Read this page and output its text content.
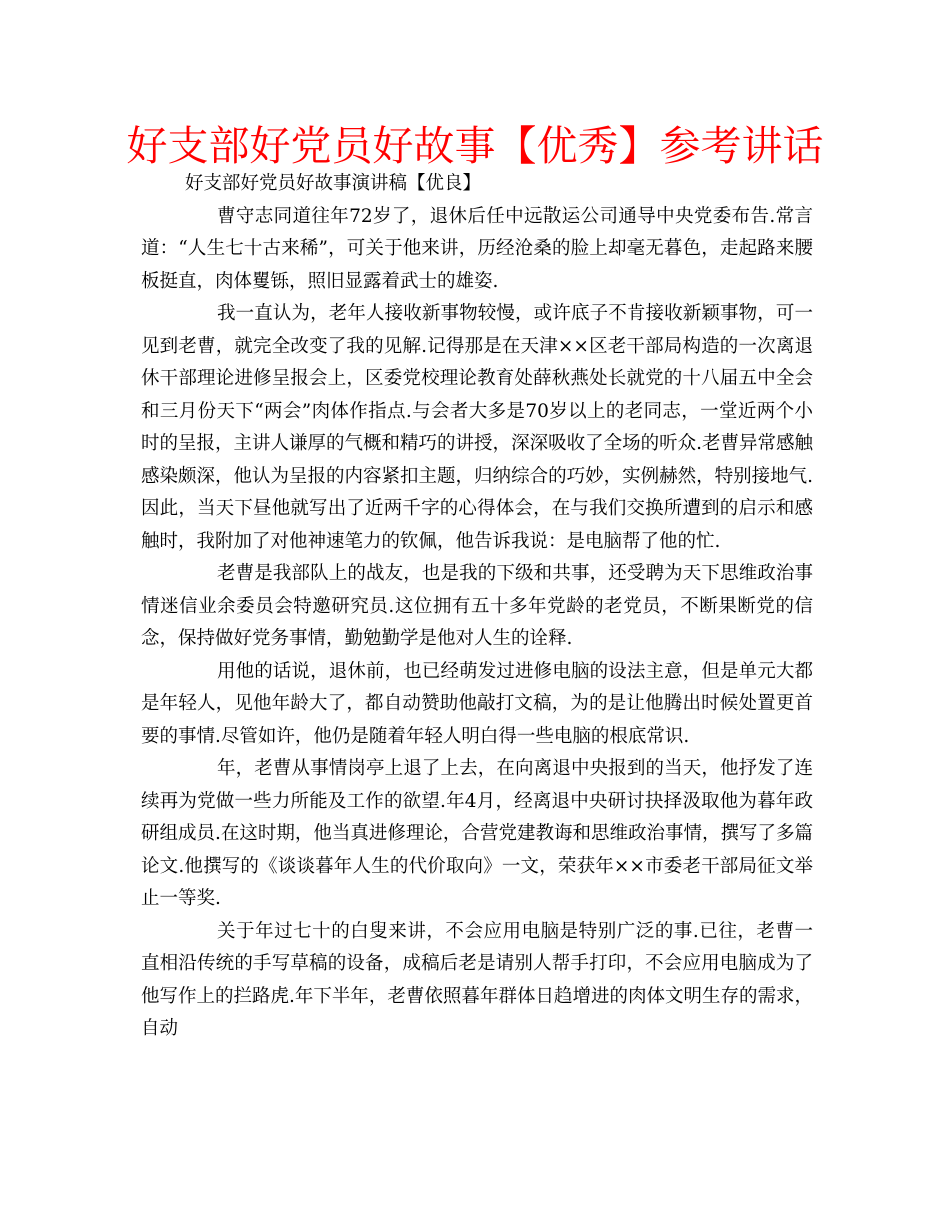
好支部好党员好故事【优秀】参考讲话

好支部好党员好故事演讲稿【优良】

曹守志同道往年72岁了，退休后任中远散运公司通导中央党委布告.常言道：“人生七十古来稀”，可关于他来讲，历经沧桑的脸上却毫无暮色，走起路来腰板挺直，肉体矍铄，照旧显露着武士的雄姿.

我一直认为，老年人接收新事物较慢，或许底子不肯接收新颖事物，可一见到老曹，就完全改变了我的见解.记得那是在天津××区老干部局构造的一次离退休干部理论进修呈报会上，区委党校理论教育处薛秋燕处长就党的十八届五中全会和三月份天下“两会”肉体作指点.与会者大多是70岁以上的老同志，一堂近两个小时的呈报，主讲人谦厚的气概和精巧的讲授，深深吸收了全场的听众.老曹异常感触感染颇深，他认为呈报的内容紧扣主题，归纳综合的巧妙，实例赫然，特别接地气.因此，当天下昼他就写出了近两千字的心得体会，在与我们交换所遭到的启示和感触时，我附加了对他神速笔力的钦佩，他告诉我说：是电脑帮了他的忙.

老曹是我部队上的战友，也是我的下级和共事，还受聘为天下思维政治事情迷信业余委员会特邀研究员.这位拥有五十多年党龄的老党员，不断果断党的信念，保持做好党务事情，勤勉勤学是他对人生的诠释.

用他的话说，退休前，也已经萌发过进修电脑的设法主意，但是单元大都是年轻人，见他年龄大了，都自动赞助他敲打文稿，为的是让他腾出时候处置更首要的事情.尽管如许，他仍是随着年轻人明白得一些电脑的根底常识.

年，老曹从事情岗亭上退了上去，在向离退中央报到的当天，他抒发了连续再为党做一些力所能及工作的欲望.年4月，经离退中央研讨抉择汲取他为暮年政研组成员.在这时期，他当真进修理论，合营党建教诲和思维政治事情，撰写了多篇论文.他撰写的《谈谈暮年人生的代价取向》一文，荣获年××市委老干部局征文举止一等奖.

关于年过七十的白叟来讲，不会应用电脑是特别广泛的事.已往，老曹一直相沿传统的手写草稿的设备，成稿后老是请别人帮手打印，不会应用电脑成为了他写作上的拦路虎.年下半年，老曹依照暮年群体日趋增进的肉体文明生存的需求，自动
